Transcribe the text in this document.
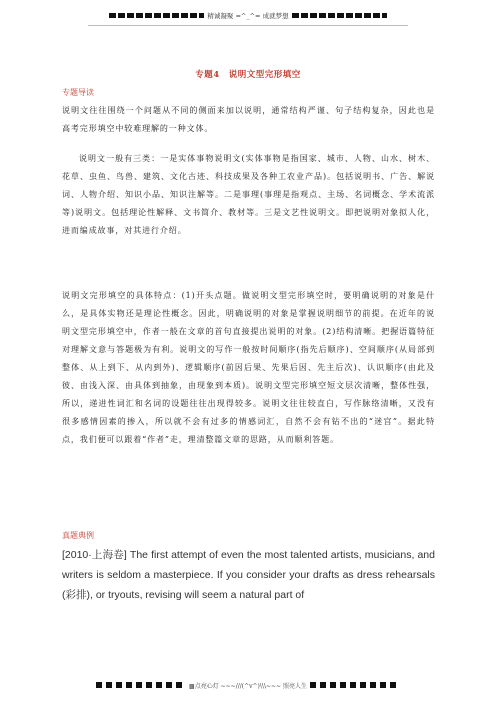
精诚凝聚 =^_^= 成就梦想
专题4　说明文型完形填空
专题导读
说明文往往围绕一个问题从不同的侧面来加以说明，通常结构严谨、句子结构复杂，因此也是高考完形填空中较难理解的一种文体。
说明文一般有三类：一是实体事物说明文(实体事物是指国家、城市、人物、山水、树木、花草、虫鱼、鸟兽、建筑、文化古迹、科技成果及各种工农业产品)。包括说明书、广告、解说词、人物介绍、知识小品、知识注解等。二是事理(事理是指观点、主场、名词概念、学术流派等)说明文。包括理论性解释、文书简介、教材等。三是文艺性说明文。即把说明对象拟人化，进而编成故事，对其进行介绍。
说明文完形填空的具体特点：(1)开头点题。做说明文型完形填空时，要明确说明的对象是什么，是具体实物还是理论性概念。因此，明确说明的对象是掌握说明细节的前提。在近年的说明文型完形填空中，作者一般在文章的首句直接提出说明的对象。(2)结构清晰。把握语篇特征对理解文意与答题极为有利。说明文的写作一般按时间顺序(指先后顺序)、空间顺序(从局部到整体、从上到下、从内到外)、逻辑顺序(前因后果、先果后因、先主后次)、认识顺序(由此及彼、由浅入深、由具体到抽象，由现象到本质)。说明文型完形填空短文层次清晰，整体性强，所以，递进性词汇和名词的设题往往出现得较多。说明文往往较直白，写作脉络清晰，又没有很多感情因素的掺入，所以就不会有过多的情感词汇，自然不会有钻不出的“迷宫”。据此特点，我们便可以跟着“作者”走，理清整篇文章的思路，从而顺利答题。
真题典例
[2010·上海卷] The first attempt of even the most talented artists, musicians, and writers is seldom a masterpiece. If you consider your drafts as dress rehearsals (彩排), or tryouts, revising will seem a natural part of
▩点亮心灯 ~~~///(^v^)\\\~~~ 照亮人生
